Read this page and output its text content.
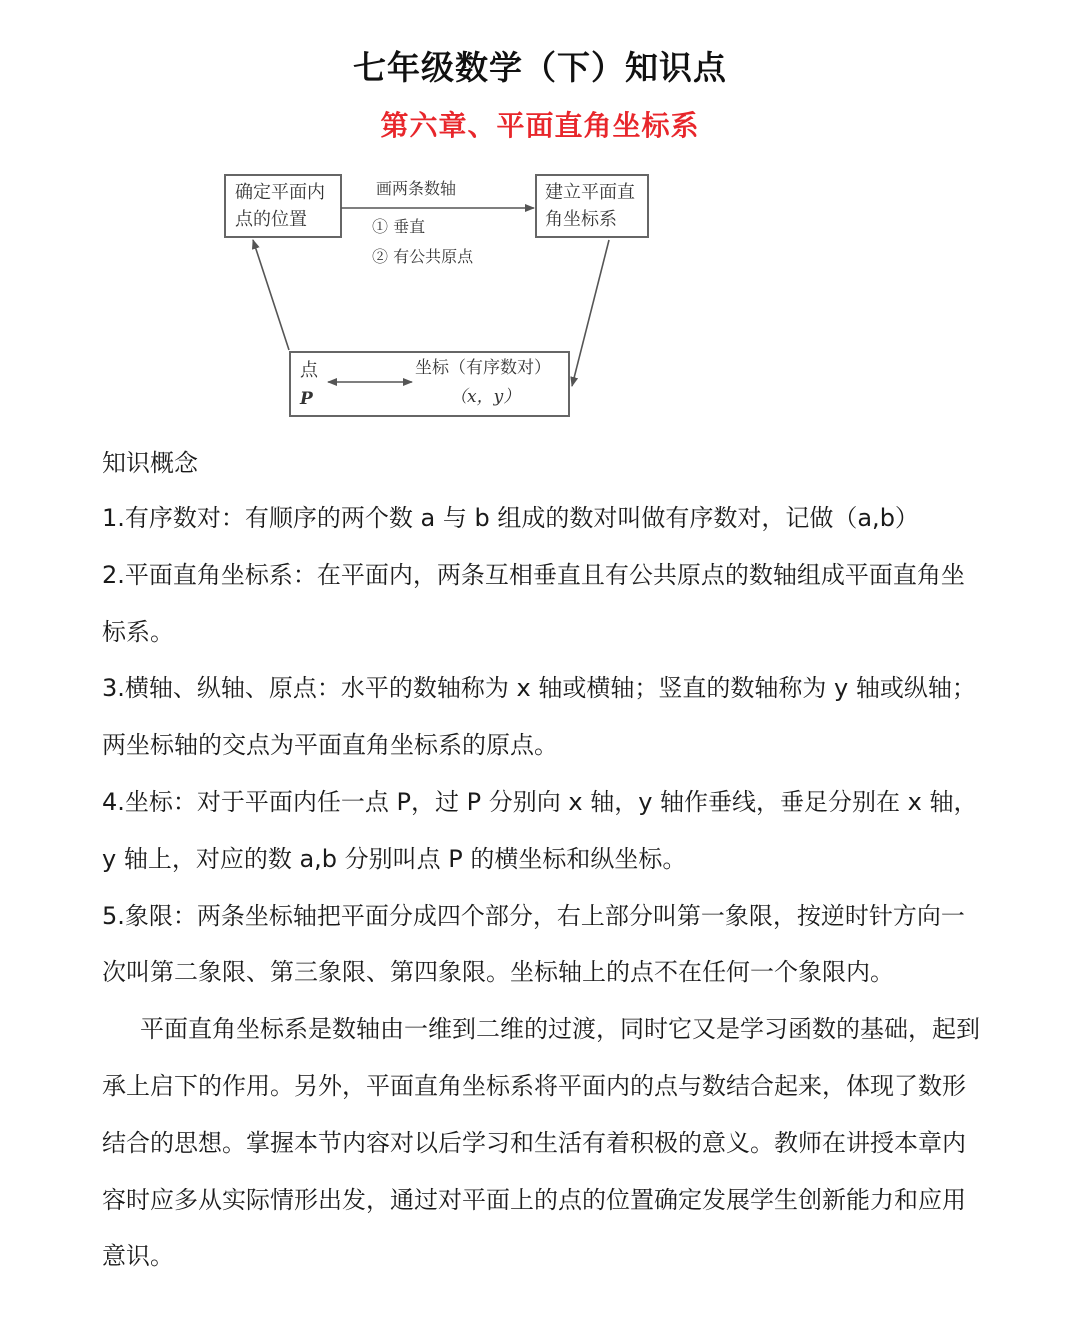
七年级数学（下）知识点
第六章、平面直角坐标系
确定平面内
点的位置
建立平面直
角坐标系
画两条数轴
① 垂直
② 有公共原点
点
P
坐标（有序数对）
（x，y）
知识概念

1.有序数对：有顺序的两个数 a 与 b 组成的数对叫做有序数对，记做（a,b）

2.平面直角坐标系：在平面内，两条互相垂直且有公共原点的数轴组成平面直角坐标系。

3.横轴、纵轴、原点：水平的数轴称为 x 轴或横轴；竖直的数轴称为 y 轴或纵轴；两坐标轴的交点为平面直角坐标系的原点。

4.坐标：对于平面内任一点 P，过 P 分别向 x 轴，y 轴作垂线，垂足分别在 x 轴，y 轴上，对应的数 a,b 分别叫点 P 的横坐标和纵坐标。

5.象限：两条坐标轴把平面分成四个部分，右上部分叫第一象限，按逆时针方向一次叫第二象限、第三象限、第四象限。坐标轴上的点不在任何一个象限内。

平面直角坐标系是数轴由一维到二维的过渡，同时它又是学习函数的基础，起到承上启下的作用。另外，平面直角坐标系将平面内的点与数结合起来，体现了数形结合的思想。掌握本节内容对以后学习和生活有着积极的意义。教师在讲授本章内容时应多从实际情形出发，通过对平面上的点的位置确定发展学生创新能力和应用意识。
